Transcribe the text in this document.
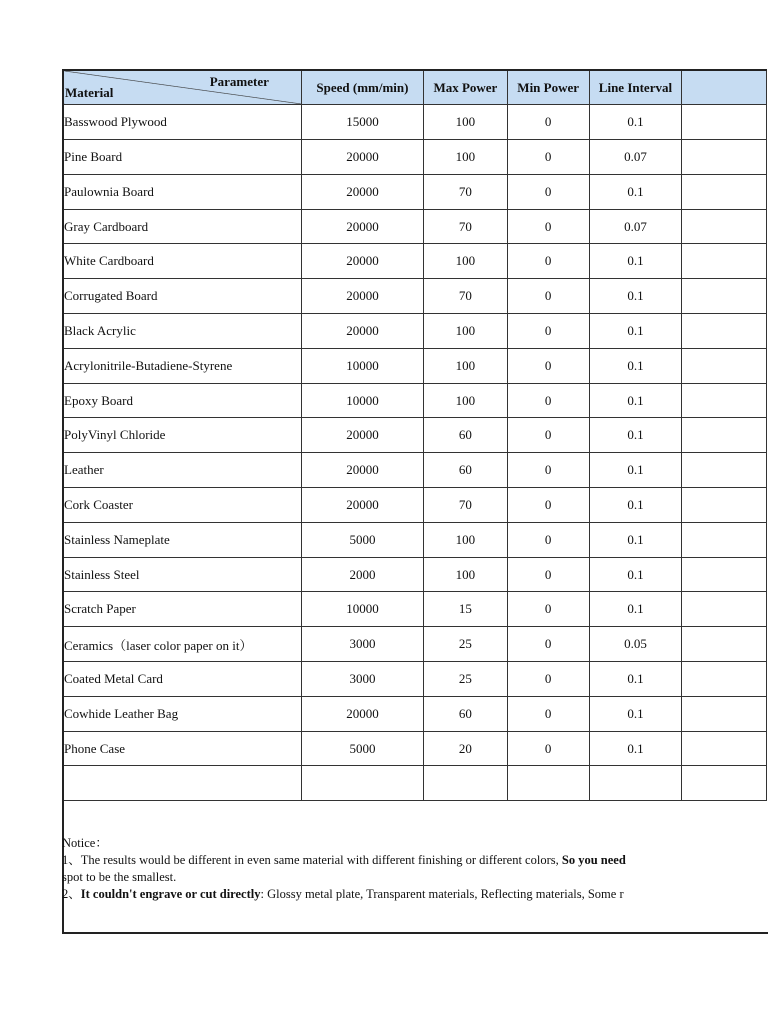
Parameter
Material	Speed (mm/min)	Max Power	Min Power	Line Interval	
Basswood Plywood	15000	100	0	0.1	
Pine Board	20000	100	0	0.07	
Paulownia Board	20000	70	0	0.1	
Gray Cardboard	20000	70	0	0.07	
White Cardboard	20000	100	0	0.1	
Corrugated Board	20000	70	0	0.1	
Black Acrylic	20000	100	0	0.1	
Acrylonitrile-Butadiene-Styrene	10000	100	0	0.1	
Epoxy Board	10000	100	0	0.1	
PolyVinyl Chloride	20000	60	0	0.1	
Leather	20000	60	0	0.1	
Cork Coaster	20000	70	0	0.1	
Stainless Nameplate	5000	100	0	0.1	
Stainless Steel	2000	100	0	0.1	
Scratch Paper	10000	15	0	0.1	
Ceramics（laser color paper on it）	3000	25	0	0.05	
Coated Metal Card	3000	25	0	0.1	
Cowhide Leather Bag	20000	60	0	0.1	
Phone Case	5000	20	0	0.1	

Notice：
1、The results would be different in even same material with different finishing or different colors, So you need
spot to be the smallest.
2、It couldn't engrave or cut directly: Glossy metal plate, Transparent materials, Reflecting materials, Some r
